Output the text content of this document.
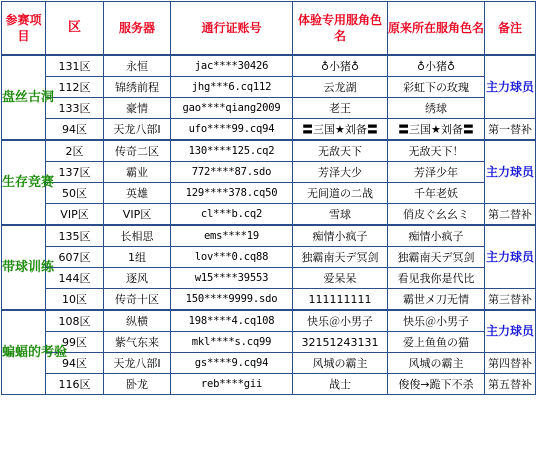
参赛项目	区	服务器	通行证账号	体验专用服角色名	原来所在服角色名	备注
盘丝古洞	131区	永恒	jac****30426	♁小猪♁	♁小猪♁	主力球员
	112区	锦绣前程	jhg***6.cq112	云龙湖	彩虹下の玫瑰	
	133区	豪情	gao****qiang2009	老王	绣球	
	94区	天龙八部Ⅰ	ufo****99.cq94	〓三国★刘备〓	〓三国★刘备〓	第一替补
生存竞赛	2区	传奇二区	130****125.cq2	无敌天下	无敌天下！	主力球员
	137区	霸业	772****87.sdo	芳泽大少	芳泽少年	
	50区	英雄	129****378.cq50	无间道の二战	千年老妖	
	VIP区	VIP区	cl***b.cq2	雪球	俏皮ぐ幺幺ミ	第二替补
带球训练	135区	长相思	ems****19	痴情小疯子	痴情小疯子	主力球员
	607区	1组	lov***0.cq88	独霸南天デ冥剑	独霸南天デ冥剑	
	144区	逐风	w15****39553	爱呆呆	看见我你是代比	
	10区	传奇十区	150****9999.sdo	111111111	霸世メ刀无情	第三替补
蝙蝠的考验	108区	纵横	198****4.cq108	快乐＠小男子	快乐＠小男子	主力球员
	99区	紫气东来	mkl****s.cq99	32151243131	爱上鱼鱼の猫	
	94区	天龙八部Ⅰ	gs****9.cq94	风城の霸主	风城の霸主	第四替补
	116区	卧龙	reb****gii	战士	俊俊→跪下不杀	第五替补
